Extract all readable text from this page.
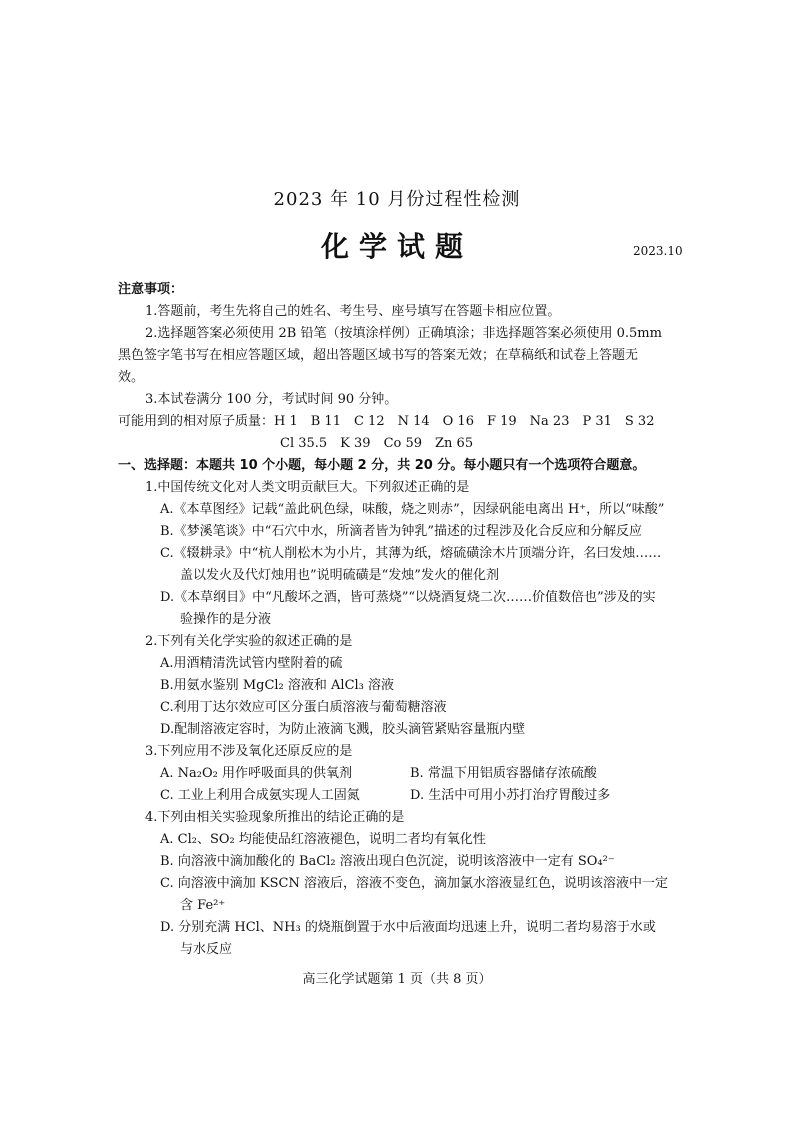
2023 年 10 月份过程性检测
化学试题	2023.10
注意事项：
1.答题前，考生先将自己的姓名、考生号、座号填写在答题卡相应位置。
2.选择题答案必须使用 2B 铅笔（按填涂样例）正确填涂；非选择题答案必须使用 0.5mm
黑色签字笔书写在相应答题区域，超出答题区域书写的答案无效；在草稿纸和试卷上答题无
效。
3.本试卷满分 100 分，考试时间 90 分钟。
可能用到的相对原子质量：H 1　B 11　C 12　N 14　O 16　F 19　Na 23　P 31　S 32
Cl 35.5　K 39　Co 59　Zn 65
一、选择题：本题共 10 个小题，每小题 2 分，共 20 分。每小题只有一个选项符合题意。
1.中国传统文化对人类文明贡献巨大。下列叙述正确的是
A.《本草图经》记载“盖此矾色绿，味酸，烧之则赤”，因绿矾能电离出 H⁺，所以“味酸”
B.《梦溪笔谈》中“石穴中水，所滴者皆为钟乳”描述的过程涉及化合反应和分解反应
C.《辍耕录》中“杭人削松木为小片，其薄为纸，熔硫磺涂木片顶端分许，名曰发烛……
盖以发火及代灯烛用也”说明硫磺是“发烛”发火的催化剂
D.《本草纲目》中“凡酸坏之酒，皆可蒸烧”“以烧酒复烧二次……价值数倍也”涉及的实
验操作的是分液
2.下列有关化学实验的叙述正确的是
A.用酒精清洗试管内壁附着的硫
B.用氨水鉴别 MgCl₂ 溶液和 AlCl₃ 溶液
C.利用丁达尔效应可区分蛋白质溶液与葡萄糖溶液
D.配制溶液定容时，为防止液滴飞溅，胶头滴管紧贴容量瓶内壁
3.下列应用不涉及氧化还原反应的是
A. Na₂O₂ 用作呼吸面具的供氧剂	B. 常温下用铝质容器储存浓硫酸
C. 工业上利用合成氨实现人工固氮	D. 生活中可用小苏打治疗胃酸过多
4.下列由相关实验现象所推出的结论正确的是
A. Cl₂、SO₂ 均能使品红溶液褪色，说明二者均有氧化性
B. 向溶液中滴加酸化的 BaCl₂ 溶液出现白色沉淀，说明该溶液中一定有 SO₄²⁻
C. 向溶液中滴加 KSCN 溶液后，溶液不变色，滴加氯水溶液显红色，说明该溶液中一定
含 Fe²⁺
D. 分别充满 HCl、NH₃ 的烧瓶倒置于水中后液面均迅速上升，说明二者均易溶于水或
与水反应
高三化学试题第 1 页（共 8 页）
